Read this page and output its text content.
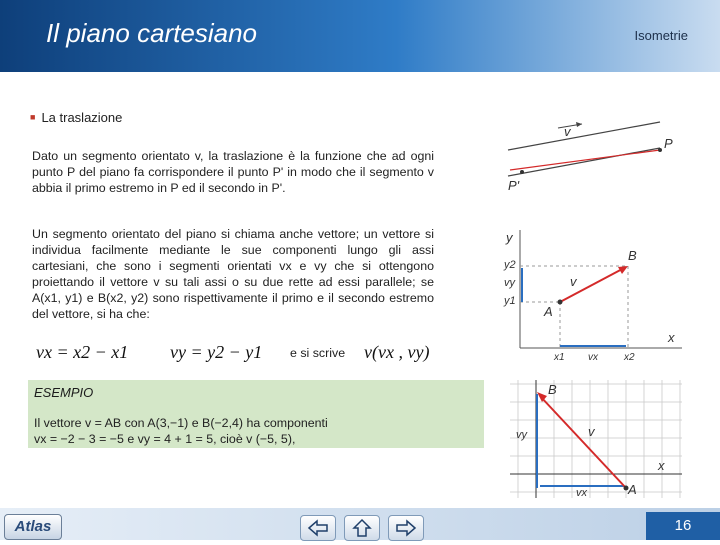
Il piano cartesiano	Isometrie
■ La traslazione
Dato un segmento orientato v, la traslazione è la funzione che ad ogni punto P del piano fa corrispondere il punto P' in modo che il segmento v abbia il primo estremo in P ed il secondo in P'.
Un segmento orientato del piano si chiama anche vettore; un vettore si individua facilmente mediante le sue componenti lungo gli assi cartesiani, che sono i segmenti orientati vx e vy che si ottengono proiettando il vettore v su tali assi o su due rette ad essi parallele; se A(x1, y1) e B(x2, y2) sono rispettivamente il primo e il secondo estremo del vettore, si ha che:
vx = x2 − x1 vy = y2 − y1 e si scrive v(vx , vy)
ESEMPIO
Il vettore v = AB con A(3,−1) e B(−2,4) ha componenti
vx = −2 − 3 = −5 e vy = 4 + 1 = 5, cioè v (−5, 5),
v
P
P'
y
y2
vy
y1
B
A
v
x1 vx	x2
x
B
A
vy	v
vx
x
Atlas	16
